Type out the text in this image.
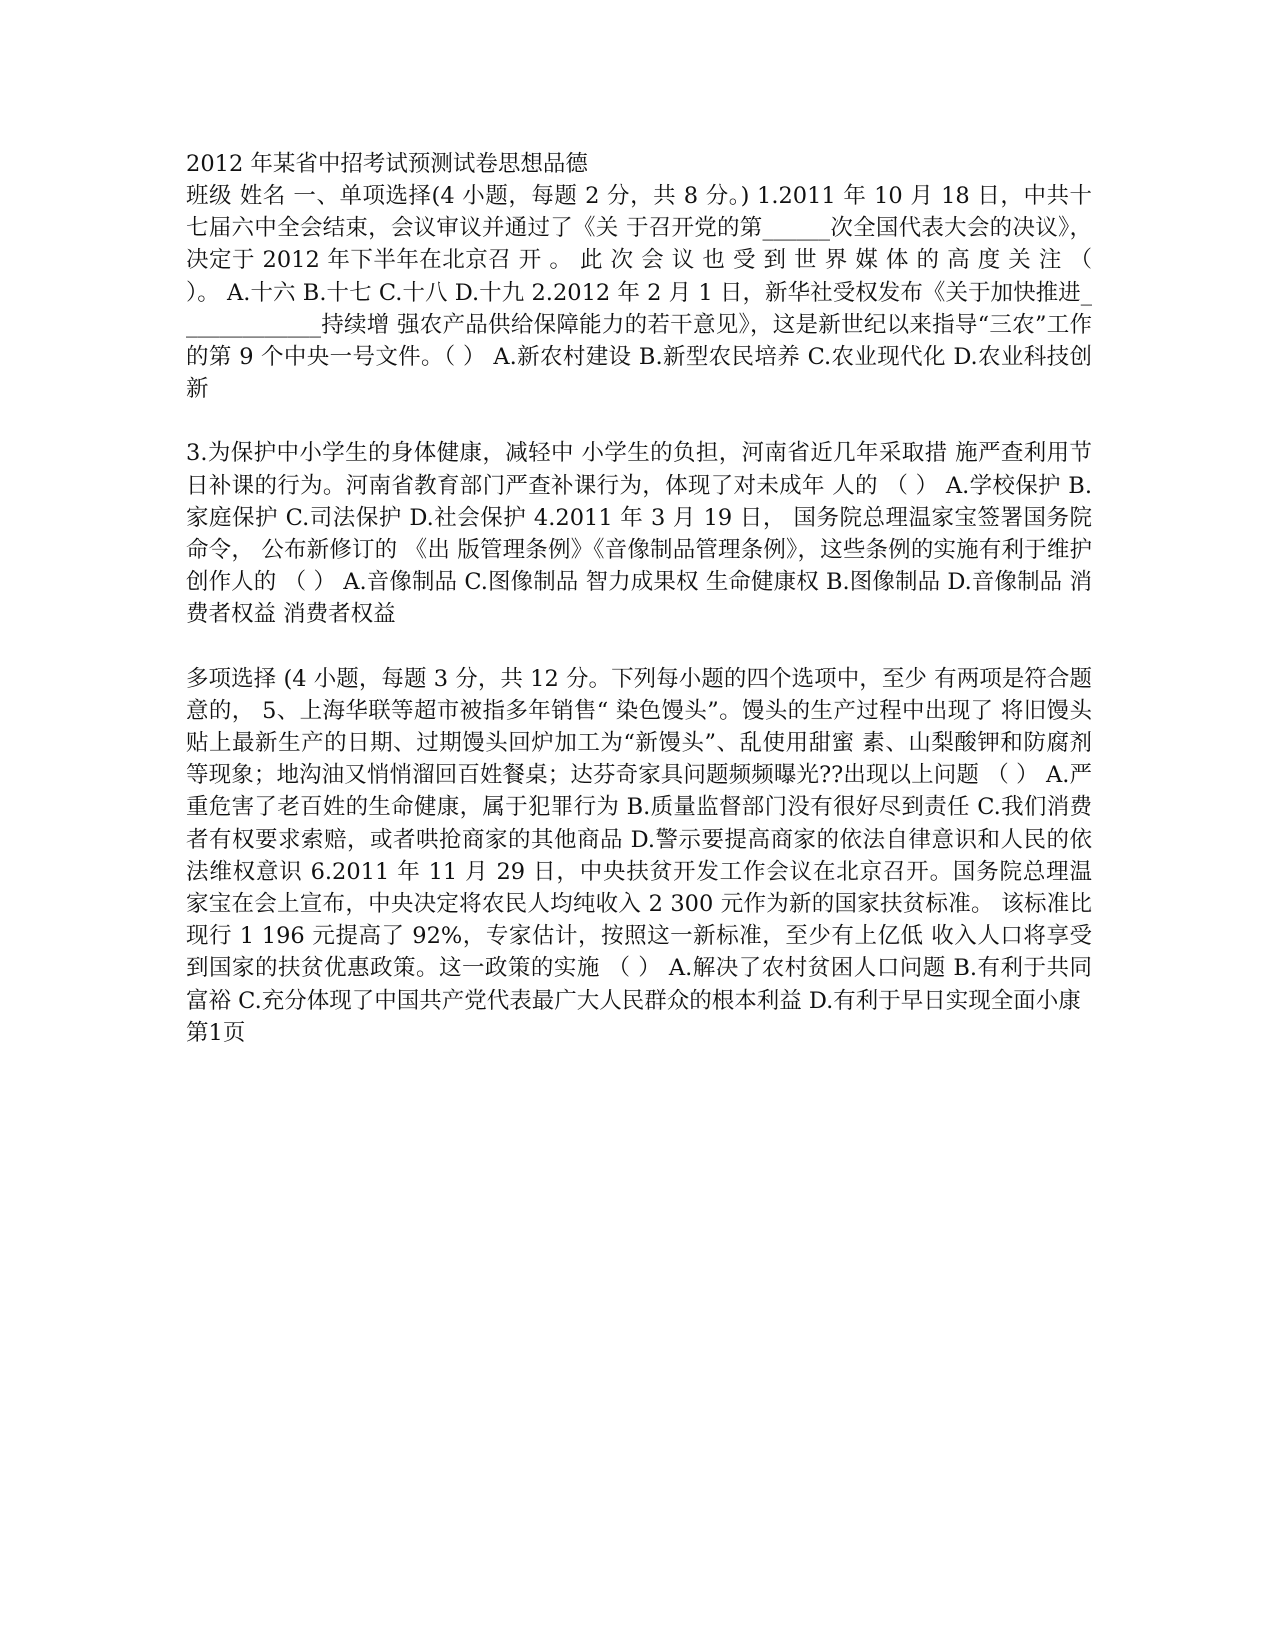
2012 年某省中招考试预测试卷思想品德

班级 姓名 一、单项选择(4 小题，每题 2 分，共 8 分。) 1.2011 年 10 月 18 日，中共十七届六中全会结束，会议审议并通过了《关 于召开党的第______次全国代表大会的决议》，决定于 2012 年下半年在北京召 开 。 此 次 会 议 也 受 到 世 界 媒 体 的 高 度 关 注 （ ）。 A.十六 B.十七 C.十八 D.十九 2.2012 年 2 月 1 日，新华社受权发布《关于加快推进_____________持续增 强农产品供给保障能力的若干意见》，这是新世纪以来指导“三农”工作的第 9 个中央一号文件。（ ） A.新农村建设 B.新型农民培养 C.农业现代化 D.农业科技创新

3.为保护中小学生的身体健康，减轻中 小学生的负担，河南省近几年采取措 施严查利用节日补课的行为。河南省教育部门严查补课行为，体现了对未成年 人的 （ ） A.学校保护 B.家庭保护 C.司法保护 D.社会保护 4.2011 年 3 月 19 日， 国务院总理温家宝签署国务院命令， 公布新修订的 《出 版管理条例》《音像制品管理条例》，这些条例的实施有利于维护创作人的 （ ） A.音像制品 C.图像制品 智力成果权 生命健康权 B.图像制品 D.音像制品 消费者权益 消费者权益

多项选择 (4 小题，每题 3 分，共 12 分。下列每小题的四个选项中，至少 有两项是符合题意的， 5、上海华联等超市被指多年销售“ 染色馒头”。馒头的生产过程中出现了 将旧馒头贴上最新生产的日期、过期馒头回炉加工为“新馒头”、乱使用甜蜜 素、山梨酸钾和防腐剂等现象；地沟油又悄悄溜回百姓餐桌；达芬奇家具问题频频曝光??出现以上问题 （ ） A.严重危害了老百姓的生命健康，属于犯罪行为 B.质量监督部门没有很好尽到责任 C.我们消费者有权要求索赔，或者哄抢商家的其他商品 D.警示要提高商家的依法自律意识和人民的依法维权意识 6.2011 年 11 月 29 日，中央扶贫开发工作会议在北京召开。国务院总理温 家宝在会上宣布，中央决定将农民人均纯收入 2 300 元作为新的国家扶贫标准。 该标准比现行 1 196 元提高了 92%，专家估计，按照这一新标准，至少有上亿低 收入人口将享受到国家的扶贫优惠政策。这一政策的实施 （ ） A.解决了农村贫困人口问题 B.有利于共同富裕 C.充分体现了中国共产党代表最广大人民群众的根本利益 D.有利于早日实现全面小康

第1页
